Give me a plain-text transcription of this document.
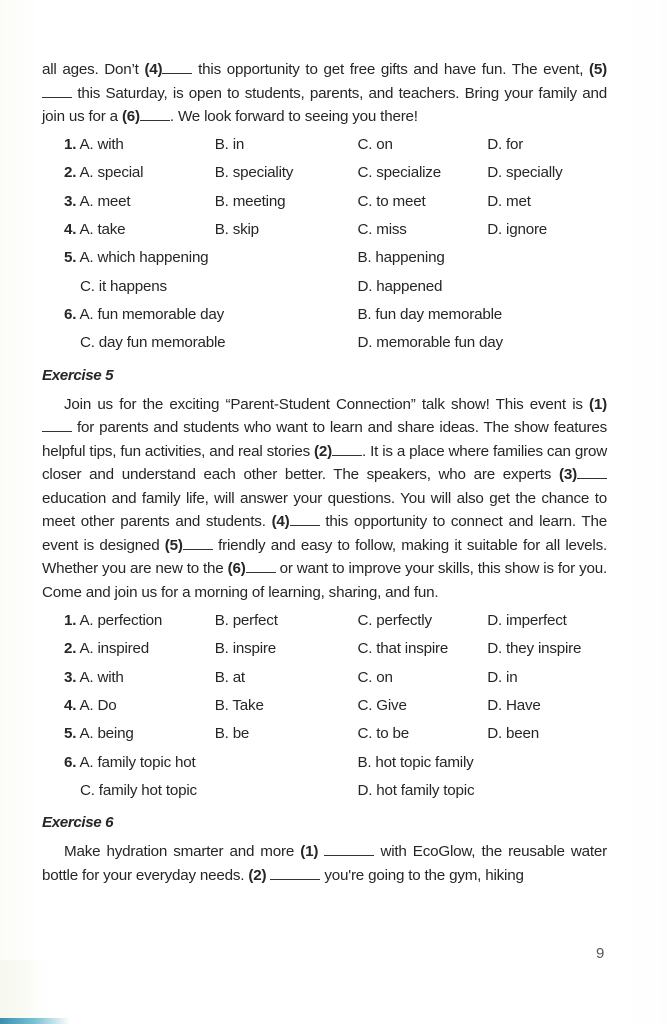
all ages. Don’t (4) this opportunity to get free gifts and have fun. The event, (5) this Saturday, is open to students, parents, and teachers. Bring your family and join us for a (6) . We look forward to seeing you there!

1. A. with	B. in	C. on	D. for
2. A. special	B. speciality	C. specialize	D. specially
3. A. meet	B. meeting	C. to meet	D. met
4. A. take	B. skip	C. miss	D. ignore
5. A. which happening	B. happening
C. it happens	D. happened
6. A. fun memorable day	B. fun day memorable
C. day fun memorable	D. memorable fun day
Exercise 5

Join us for the exciting “Parent-Student Connection” talk show! This event is (1) for parents and students who want to learn and share ideas. The show features helpful tips, fun activities, and real stories (2) . It is a place where families can grow closer and understand each other better. The speakers, who are experts (3) education and family life, will answer your questions. You will also get the chance to meet other parents and students. (4) this opportunity to connect and learn. The event is designed (5) friendly and easy to follow, making it suitable for all levels. Whether you are new to the (6) or want to improve your skills, this show is for you. Come and join us for a morning of learning, sharing, and fun.

1. A. perfection	B. perfect	C. perfectly	D. imperfect
2. A. inspired	B. inspire	C. that inspire	D. they inspire
3. A. with	B. at	C. on	D. in
4. A. Do	B. Take	C. Give	D. Have
5. A. being	B. be	C. to be	D. been
6. A. family topic hot	B. hot topic family
C. family hot topic	D. hot family topic
Exercise 6

Make hydration smarter and more (1)	with EcoGlow, the reusable water bottle for your everyday needs. (2)	you're going to the gym, hiking

9
